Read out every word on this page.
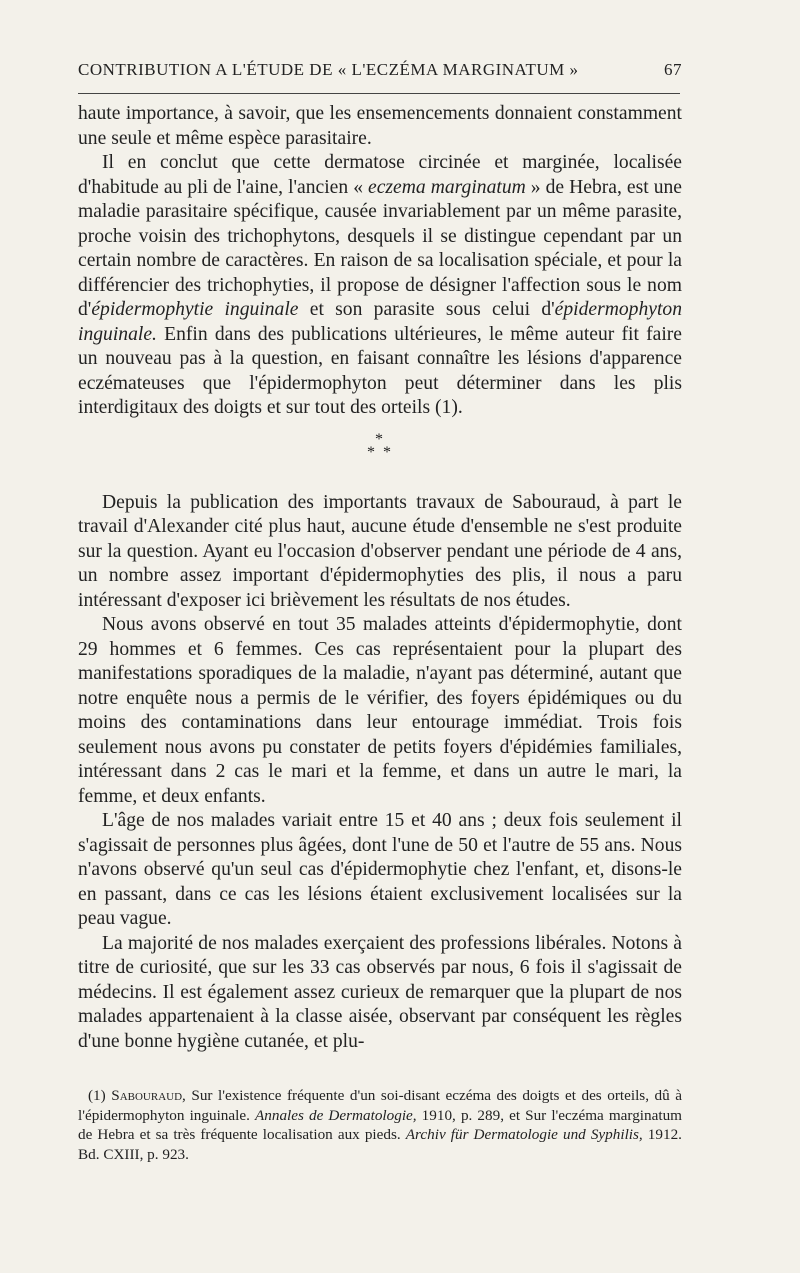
CONTRIBUTION A L'ÉTUDE DE « L'ECZÉMA MARGINATUM »	67

haute importance, à savoir, que les ensemencements donnaient constamment une seule et même espèce parasitaire.

Il en conclut que cette dermatose circinée et marginée, localisée d'habitude au pli de l'aine, l'ancien « eczema marginatum » de Hebra, est une maladie parasitaire spécifique, causée invariablement par un même parasite, proche voisin des trichophytons, desquels il se distingue cependant par un certain nombre de caractères. En raison de sa localisation spéciale, et pour la différencier des trichophyties, il propose de désigner l'affection sous le nom d'épidermophytie inguinale et son parasite sous celui d'épidermophyton inguinale. Enfin dans des publications ultérieures, le même auteur fit faire un nouveau pas à la question, en faisant connaître les lésions d'apparence eczémateuses que l'épidermophyton peut déterminer dans les plis interdigitaux des doigts et sur tout des orteils (1).

*
* *

Depuis la publication des importants travaux de Sabouraud, à part le travail d'Alexander cité plus haut, aucune étude d'ensemble ne s'est produite sur la question. Ayant eu l'occasion d'observer pendant une période de 4 ans, un nombre assez important d'épidermophyties des plis, il nous a paru intéressant d'exposer ici brièvement les résultats de nos études.

Nous avons observé en tout 35 malades atteints d'épidermophytie, dont 29 hommes et 6 femmes. Ces cas représentaient pour la plupart des manifestations sporadiques de la maladie, n'ayant pas déterminé, autant que notre enquête nous a permis de le vérifier, des foyers épidémiques ou du moins des contaminations dans leur entourage immédiat. Trois fois seulement nous avons pu constater de petits foyers d'épidémies familiales, intéressant dans 2 cas le mari et la femme, et dans un autre le mari, la femme, et deux enfants.

L'âge de nos malades variait entre 15 et 40 ans ; deux fois seulement il s'agissait de personnes plus âgées, dont l'une de 50 et l'autre de 55 ans. Nous n'avons observé qu'un seul cas d'épidermophytie chez l'enfant, et, disons-le en passant, dans ce cas les lésions étaient exclusivement localisées sur la peau vague.

La majorité de nos malades exerçaient des professions libérales. Notons à titre de curiosité, que sur les 33 cas observés par nous, 6 fois il s'agissait de médecins. Il est également assez curieux de remarquer que la plupart de nos malades appartenaient à la classe aisée, observant par conséquent les règles d'une bonne hygiène cutanée, et plu-

(1) Sabouraud, Sur l'existence fréquente d'un soi-disant eczéma des doigts et des orteils, dû à l'épidermophyton inguinale. Annales de Dermatologie, 1910, p. 289, et Sur l'eczéma marginatum de Hebra et sa très fréquente localisation aux pieds. Archiv für Dermatologie und Syphilis, 1912. Bd. CXIII, p. 923.
